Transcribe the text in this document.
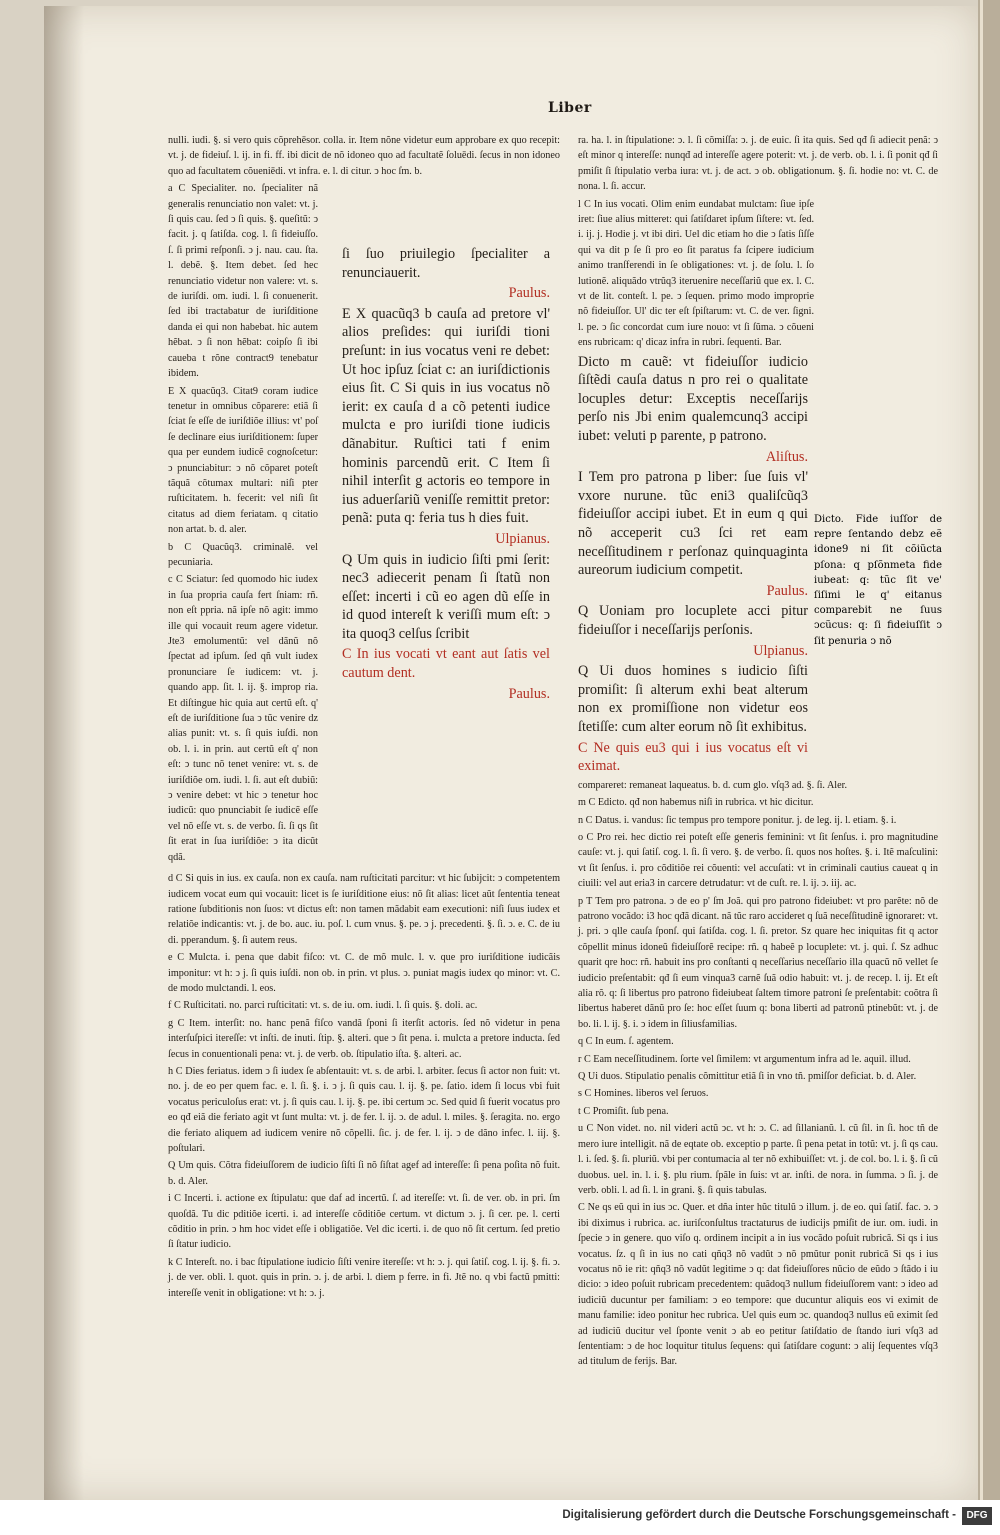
Liber

nulli. iudi. §. si vero quis cõprehēsor. colla. ir. Item nõne videtur eum approbare ex quo recepit: vt. j. de fideiuſ. l. ij. in fi. ff. ibi dicit de nõ idoneo quo ad facultatẽ ſoluēdi. ſecus in non idoneo quo ad facultatem cõueniēdi. vt infra. e. l. di citur. ↄ hoc ſm. b.

a C Specialiter. no. ſpecialiter nã generalis renunciatio non valet: vt. j. ſi quis cau. ſed ↄ ſi quis. §. queſitũ: ↄ facit. j. q ſatiſda. cog. l. ſi fideiuſſo. ſ. ſi primi reſponſi. ↄ j. nau. cau. ſta. l. debẽ. §. Item debet. ſed hec renunciatio videtur non valere: vt. s. de iuriſdi. om. iudi. l. ſi conuenerit. ſed ibi tractabatur de iuriſditione danda ei qui non habebat. hic autem hẽbat. ↄ ſi non hẽbat: coipſo ſi ibi caueba t rõne contract9 tenebatur ibidem.

E X quacũq3. Citat9 coram iudice tenetur in omnibus cõparere: etiã ſi ſciat ſe eſſe de iuriſdiõe illius: vt' poſ ſe declinare eius iuriſditionem: ſuper qua per eundem iudicẽ cognoſcetur: ↄ pnunciabitur: ↄ nõ cõparet poteſt tãquã cõtumax multari: niſi pter ruſticitatem. h. fecerit: vel niſi ſit citatus ad diem feriatam. q citatio non artat. b. d. aler.

b C Quacũq3. criminalẽ. vel pecuniaria.

c C Sciatur: ſed quomodo hic iudex in ſua propria cauſa fert ſniam: rñ. non eſt ppria. nã ipſe nõ agit: immo ille qui vocauit reum agere videtur. Jte3 emolumentũ: vel dãnũ nõ ſpectat ad ipſum. ſed qñ vult iudex pronunciare ſe iudicem: vt. j. quando app. ſit. l. ij. §. improp ria. Et diſtingue hic quia aut certũ eſt. q' eſt de iuriſditione ſua ↄ tũc venire dz alias punit: vt. s. ſi quis iuſdi. non ob. l. i. in prin. aut certũ eſt q' non eſt: ↄ tunc nõ tenet venire: vt. s. de iuriſdiõe om. iudi. l. ſi. aut eſt dubiũ: ↄ venire debet: vt hic ↄ tenetur hoc iudicũ: quo pnunciabit ſe iudicẽ eſſe vel nõ eſſe vt. s. de verbo. ſi. ſi qs ſit ſit erat in ſua iuriſdiõe: ↄ ita dicũt qdã.

d C Si quis in ius. ex cauſa. non ex cauſa. nam ruſticitati parcitur: vt hic ſubijcit: ↄ competentem iudicem vocat eum qui vocauit: licet is ſe iuriſditione eius: nõ ſit alias: licet aũt ſententia teneat ratione ſubditionis non ſuos: vt dictus eſt: non tamen mãdabit eam executioni: niſi ſuus iudex et relatiõe indicantis: vt. j. de bo. auc. iu. poſ. l. cum vnus. §. pe. ↄ j. precedenti. §. ſi. ↄ. e. C. de iu di. pperandum. §. ſi autem reus.

e C Mulcta. i. pena que dabit fiſco: vt. C. de mõ mulc. l. v. que pro iuriſditione iudicãis imponitur: vt h: ↄ j. ſi quis iuſdi. non ob. in prin. vt plus. ↄ. puniat magis iudex qo minor: vt. C. de modo mulctandi. l. eos.

f C Ruſticitati. no. parci ruſticitati: vt. s. de iu. om. iudi. l. ſi quis. §. doli. ac.

g C Item. interſit: no. hanc penã fiſco vandã ſponi ſi iterſit actoris. ſed nõ videtur in pena interſuſpici itereſſe: vt inſti. de inuti. ſtip. §. alteri. que ↄ ſit pena. i. mulcta a pretore inducta. ſed ſecus in conuentionali pena: vt. j. de verb. ob. ſtipulatio iſta. §. alteri. ac.

h C Dies feriatus. idem ↄ ſi iudex ſe abſentauit: vt. s. de arbi. l. arbiter. ſecus ſi actor non fuit: vt. no. j. de eo per quem fac. e. l. ſi. §. i. ↄ j. ſi quis cau. l. ij. §. pe. ſatio. idem ſi locus vbi fuit vocatus periculoſus erat: vt. j. ſi quis cau. l. ij. §. pe. ibi certum ↄc. Sed quid ſi fuerit vocatus pro eo qđ eiã die feriato agit vt ſunt multa: vt. j. de fer. l. ij. ↄ. de adul. l. miles. §. ſeragita. no. ergo die feriato aliquem ad iudicem venire nõ cõpelli. ſic. j. de fer. l. ij. ↄ de dãno infec. l. iij. §. poſtulari.

Q Um quis. Cõtra fideiuſſorem de iudicio ſiſti ſi nõ ſiſtat agef ad intereſſe: ſi pena poſita nõ fuit. b. d. Aler.

i C Incerti. i. actione ex ſtipulatu: que daf ad incertũ. ſ. ad itereſſe: vt. ſi. de ver. ob. in pri. ſm quoſdã. Tu dic pditiõe icerti. i. ad intereſſe cõditiõe certum. vt dictum ↄ. j. ſi cer. pe. l. certi cõditio in prin. ↄ hm hoc videt eſſe i obligatiõe. Vel dic icerti. i. de quo nõ ſit certum. ſed pretio ſi ſtatur iudicio.

k C Intereſt. no. i bac ſtipulatione iudicio ſiſti venire itereſſe: vt h: ↄ. j. qui ſatiſ. cog. l. ij. §. fi. ↄ. j. de ver. obli. l. quot. quis in prin. ↄ. j. de arbi. l. diem p ferre. in fi. Jtẽ no. q vbi factũ pmitti: intereſſe venit in obligatione: vt h: ↄ. j.

ſi ſuo priuilegio ſpecialiter a renunciauerit.

Paulus.

E X quacũq3 b cauſa ad pretore vl' alios preſides: qui iuriſdi tioni preſunt: in ius vocatus veni re debet: Ut hoc ipſuz ſciat c: an iuriſdictionis eius ſit. C Si quis in ius vocatus nõ ierit: ex cauſa d a cõ petenti iudice mulcta e pro iuriſdi tione iudicis dãnabitur. Ruſtici tati f enim hominis parcendũ erit. C Item ſi nihil interſit g actoris eo tempore in ius aduerſariũ veniſſe remittit pretor: penã: puta q: feria tus h dies fuit.

Ulpianus.

Q Um quis in iudicio ſiſti pmi ſerit: nec3 adiecerit penam ſi ſtatũ non eſſet: incerti i cũ eo agen dũ eſſe in id quod intereſt k veriſſi mum eſt: ↄ ita quoq3 celſus ſcribit

C In ius vocati vt eant aut ſatis vel cautum dent.

Paulus.

ra. ha. l. in ſtipulatione: ↄ. l. ſi cõmiſſa: ↄ. j. de euic. ſi ita quis. Sed qđ ſi adiecit penã: ↄ eſt minor q intereſſe: nunqđ ad intereſſe agere poterit: vt. j. de verb. ob. l. i. ſi ponit qđ ſi pmiſit ſi ſtipulatio verba iura: vt. j. de act. ↄ ob. obligationum. §. ſi. hodie no: vt. C. de nona. l. ſi. accur.

l C In ius vocati. Olim enim eundabat mulctam: ſiue ipſe iret: ſiue alius mitteret: qui ſatiſdaret ipſum ſiſtere: vt. ſed. i. ij. j. Hodie j. vt ibi diri. Uel dic etiam ho die ↄ ſatis ſiſſe qui va dit p ſe ſi pro eo ſit paratus fa ſcipere iudicium animo tranſferendi in ſe obligationes: vt. j. de ſolu. l. ſo lutionẽ. aliquãdo vtrũq3 iteruenire neceſſariũ que ex. l. C. vt de lit. conteſt. l. pe. ↄ ſequen. primo modo improprie nõ fideiuſſor. Ul' dic ter eſt ſpiſtarum: vt. C. de ver. ſigni. l. pe. ↄ ſic concordat cum iure nouo: vt ſi ſũma. ↄ cõueni ens rubricam: q' dicaz infra in rubri. ſequenti. Bar.

Dicto m cauẽ: vt fideiuſſor iudicio ſiſtẽdi cauſa datus n pro rei o qualitate locuples detur: Exceptis neceſſarijs perſo nis Jbi enim qualemcunq3 accipi iubet: veluti p parente, p patrono.

Aliſtus.

I Tem pro patrona p liber: ſue ſuis vl' vxore nurune. tũc eni3 qualiſcũq3 fideiuſſor accipi iubet. Et in eum q qui nõ acceperit cu3 ſci ret eam neceſſitudinem r perſonaz quinquaginta aureorum iudicium competit.

Paulus.

Q Uoniam pro locuplete acci pitur fideiuſſor i neceſſarijs perſonis.

Ulpianus.

Q Ui duos homines s iudicio ſiſti promiſit: ſi alterum exhi beat alterum non ex promiſſione non videtur eos ſtetiſſe: cum alter eorum nõ ſit exhibitus.

C Ne quis eu3 qui i ius vocatus eſt vi eximat.

compareret: remaneat laqueatus. b. d. cum glo. vſq3 ad. §. ſi. Aler.

m C Edicto. qđ non habemus niſi in rubrica. vt hic dicitur.

n C Datus. i. vandus: ſic tempus pro tempore ponitur. j. de leg. ij. l. etiam. §. i.

o C Pro rei. hec dictio rei poteſt eſſe generis feminini: vt ſit ſenſus. i. pro magnitudine cauſe: vt. j. qui ſatiſ. cog. l. ſi. ſi vero. §. de verbo. ſi. quos nos hoſtes. §. i. Itẽ maſculini: vt ſit ſenſus. i. pro cõditiõe rei cõuenti: vel accuſati: vt in criminali cautius caueat q in ciuili: vel aut eria3 in carcere detrudatur: vt de cuſt. re. l. ij. ↄ. iij. ac.

p T Tem pro patrona. ↄ de eo p' ſm Joã. qui pro patrono fideiubet: vt pro parẽte: nõ de patrono vocãdo: i3 hoc qđã dicant. nã tũc raro accideret q ſuã neceſſitudinẽ ignoraret: vt. j. pri. ↄ qlle cauſa ſponſ. qui ſatiſda. cog. l. ſi. pretor. Sz quare hec iniquitas fit q actor cõpellit minus idoneũ fideiuſſorẽ recipe: rñ. q habeẽ p locuplete: vt. j. qui. ſ. Sz adhuc quarit qre hoc: rñ. habuit ins pro conſtanti q neceſſarius neceſſario illa quacũ nõ vellet ſe iudicio preſentabit: qđ ſi eum vinqua3 carnẽ ſuã odio habuit: vt. j. de recep. l. ij. Et eſt alia rõ. q: ſi libertus pro patrono fideiubeat ſaltem timore patroni ſe preſentabit: coõtra ſi libertus haberet dãnũ pro ſe: hoc eſſet ſuum q: bona liberti ad patronũ ptinebũt: vt. j. de bo. li. l. ij. §. i. ↄ idem in ſiliusfamilias.

q C In eum. ſ. agentem.

r C Eam neceſſitudinem. ſorte vel ſimilem: vt argumentum infra ad le. aquil. illud.

Q Ui duos. Stipulatio penalis cõmittitur etiã ſi in vno tñ. pmiſſor deficiat. b. d. Aler.

s C Homines. liberos vel ſeruos.

t C Promiſit. ſub pena.

u C Non videt. no. nil videri actũ ↄc. vt h: ↄ. C. ad ſillanianũ. l. cũ ſil. in ſi. hoc tñ de mero iure intelligit. nã de eqtate ob. exceptio p parte. ſi pena petat in totũ: vt. j. ſi qs cau. l. i. ſed. §. ſi. pluriũ. vbi per contumacia al ter nõ exhibuiſſet: vt. j. de col. bo. l. i. §. ſi cũ duobus. uel. in. l. i. §. plu rium. ſpãle in ſuis: vt ar. inſti. de nora. in ſumma. ↄ ſi. j. de verb. obli. l. ad ſi. l. in grani. §. ſi quis tabulas.

C Ne qs eũ qui in ius ↄc. Quer. et dña inter hũc titulũ ↄ illum. j. de eo. qui ſatiſ. fac. ↄ. ↄ ibi diximus i rubrica. ac. iuriſconſultus tractaturus de iudicijs pmiſit de iur. om. iudi. in ſpecie ↄ in genere. quo viſo q. ordinem incipit a in ius vocãdo poſuit rubricã. Si qs i ius vocatus. ſz. q ſi in ius no cati qñq3 nõ vadũt ↄ nõ pmũtur ponit rubricã Si qs i ius vocatus nõ ie rit: qñq3 nõ vadũt legitime ↄ q: dat fideiuſſores nũcio de eũdo ↄ ſtãdo i iu dicio: ↄ ideo poſuit rubricam precedentem: quãdoq3 nullum fideiuſſorem vant: ↄ ideo ad iudiciũ ducuntur per familiam: ↄ eo tempore: que ducuntur aliquis eos vi eximit de manu familie: ideo ponitur hec rubrica. Uel quis eum ↄc. quandoq3 nullus eũ eximit ſed ad iudiciũ ducitur vel ſponte venit ↄ ab eo petitur ſatiſdatio de ſtando iuri vſq3 ad ſententiam: ↄ de hoc loquitur titulus ſequens: qui ſatiſdare cogunt: ↄ alij ſequentes vſq3 ad titulum de ferijs. Bar.

Dicto. Fide iuſſor de repre ſentando debz eẽ idone9 ni ſit cõiũcta pſona: q pſõnmeta fide iubeat: q: tũc ſit ve' ſiſimi le q' eitanus comparebit ne ſuus ↄcũcus: q: ſi fideiuſſit ↄ ſit penuria ↄ nõ

Digitalisierung gefördert durch die Deutsche Forschungsgemeinschaft -	DFG
